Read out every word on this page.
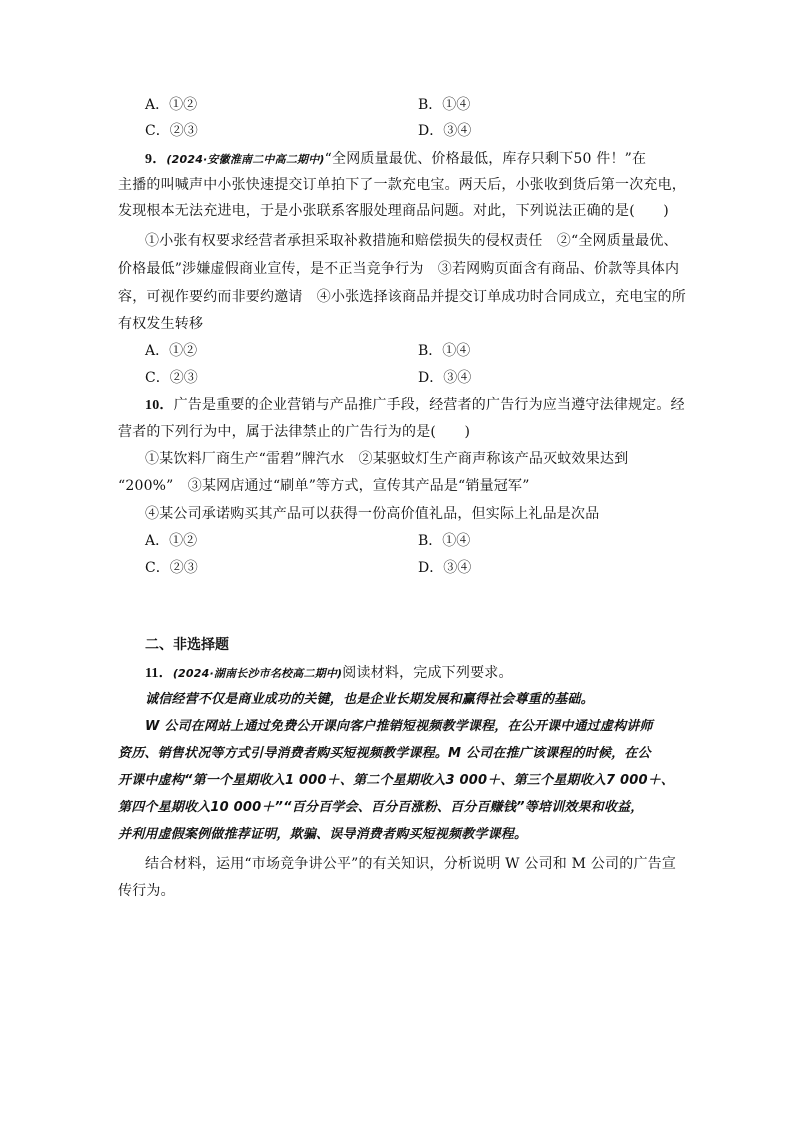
A．①②	B．①④
C．②③	D．③④
9．(2024·安徽淮南二中高二期中)“全网质量最优、价格最低，库存只剩下50 件！”在
主播的叫喊声中小张快速提交订单拍下了一款充电宝。两天后，小张收到货后第一次充电，
发现根本无法充进电，于是小张联系客服处理商品问题。对此，下列说法正确的是(　　)
①小张有权要求经营者承担采取补救措施和赔偿损失的侵权责任　②“全网质量最优、
价格最低”涉嫌虚假商业宣传，是不正当竞争行为　③若网购页面含有商品、价款等具体内
容，可视作要约而非要约邀请　④小张选择该商品并提交订单成功时合同成立，充电宝的所
有权发生转移
A．①②	B．①④
C．②③	D．③④
10．广告是重要的企业营销与产品推广手段，经营者的广告行为应当遵守法律规定。经
营者的下列行为中，属于法律禁止的广告行为的是(　　)
①某饮料厂商生产“雷碧”牌汽水　②某驱蚊灯生产商声称该产品灭蚊效果达到
“200%”　③某网店通过“刷单”等方式，宣传其产品是“销量冠军”
④某公司承诺购买其产品可以获得一份高价值礼品，但实际上礼品是次品
A．①②	B．①④
C．②③	D．③④
二、非选择题
11．(2024·湖南长沙市名校高二期中)阅读材料，完成下列要求。
诚信经营不仅是商业成功的关键，也是企业长期发展和赢得社会尊重的基础。
W 公司在网站上通过免费公开课向客户推销短视频教学课程，在公开课中通过虚构讲师
资历、销售状况等方式引导消费者购买短视频教学课程。M 公司在推广该课程的时候，在公
开课中虚构“第一个星期收入1 000＋、第二个星期收入3 000＋、第三个星期收入7 000＋、
第四个星期收入10 000＋”“百分百学会、百分百涨粉、百分百赚钱”等培训效果和收益，
并利用虚假案例做推荐证明，欺骗、误导消费者购买短视频教学课程。
结合材料，运用“市场竞争讲公平”的有关知识，分析说明 W 公司和 M 公司的广告宣
传行为。
